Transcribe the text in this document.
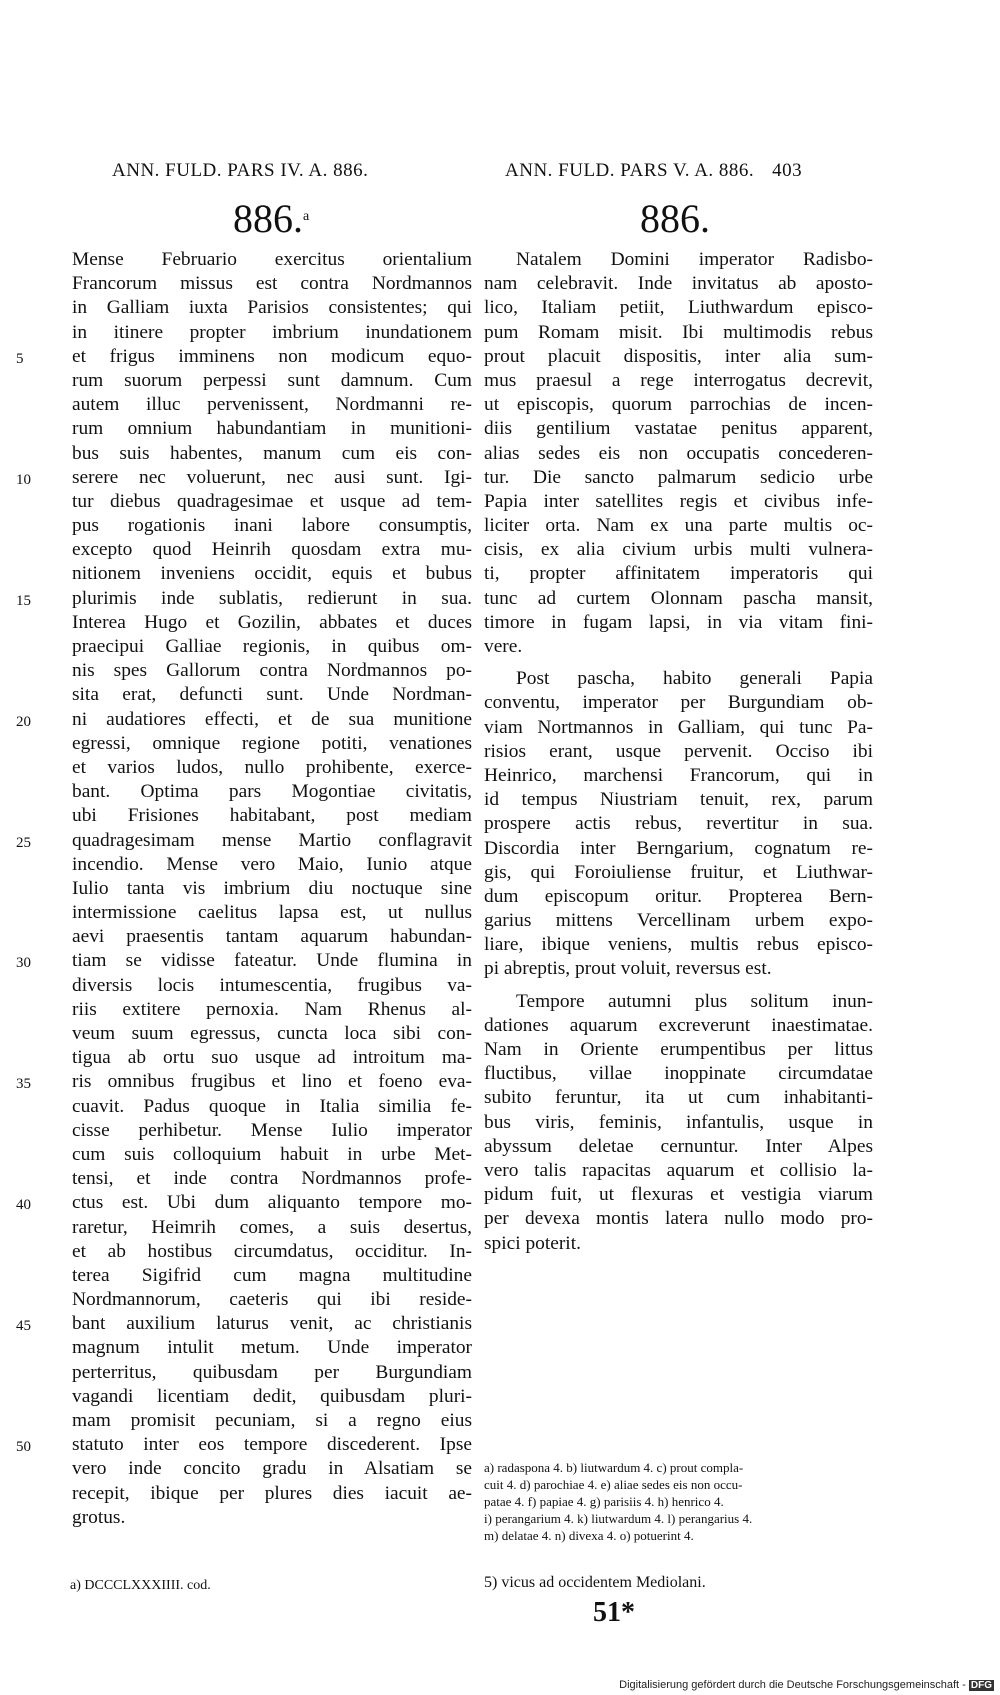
ANN. FULD. PARS IV. A. 886.	ANN. FULD. PARS V. A. 886. 403
886.$^a$	886.
Mense Februario exercitus orientalium
Francorum missus est contra Nordmannos
in Galliam iuxta Parisios consistentes; qui
in itinere propter imbrium inundationem
et frigus imminens non modicum equo-
5
rum suorum perpessi sunt damnum. Cum
autem illuc pervenissent, Nordmanni re-
rum omnium habundantiam in munitioni-
bus suis habentes, manum cum eis con-
serere nec voluerunt, nec ausi sunt. Igi-
10
tur diebus quadragesimae et usque ad tem-
pus rogationis inani labore consumptis,
excepto quod Heinrih quosdam extra mu-
nitionem inveniens occidit, equis et bubus
plurimis inde sublatis, redierunt in sua.
15
Interea Hugo et Gozilin, abbates et duces
praecipui Galliae regionis, in quibus om-
nis spes Gallorum contra Nordmannos po-
sita erat, defuncti sunt. Unde Nordman-
ni audatiores effecti, et de sua munitione
20
egressi, omnique regione potiti, venationes
et varios ludos, nullo prohibente, exerce-
bant. Optima pars Mogontiae civitatis,
ubi Frisiones habitabant, post mediam
quadragesimam mense Martio conflagravit
25
incendio. Mense vero Maio, Iunio atque
Iulio tanta vis imbrium diu noctuque sine
intermissione caelitus lapsa est, ut nullus
aevi praesentis tantam aquarum habundan-
tiam se vidisse fateatur. Unde flumina in
30
diversis locis intumescentia, frugibus va-
riis extitere pernoxia. Nam Rhenus al-
veum suum egressus, cuncta loca sibi con-
tigua ab ortu suo usque ad introitum ma-
ris omnibus frugibus et lino et foeno eva-
35
cuavit. Padus quoque in Italia similia fe-
cisse perhibetur. Mense Iulio imperator
cum suis colloquium habuit in urbe Met-
tensi, et inde contra Nordmannos profe-
ctus est. Ubi dum aliquanto tempore mo-
40
raretur, Heimrih comes, a suis desertus,
et ab hostibus circumdatus, occiditur. In-
terea Sigifrid cum magna multitudine
Nordmannorum, caeteris qui ibi reside-
bant auxilium laturus venit, ac christianis
45
magnum intulit metum. Unde imperator
perterritus, quibusdam per Burgundiam
vagandi licentiam dedit, quibusdam pluri-
mam promisit pecuniam, si a regno eius
statuto inter eos tempore discederent. Ipse
50
vero inde concito gradu in Alsatiam se
recepit, ibique per plures dies iacuit ae-
grotus.
Natalem Domini imperator Radisbo-
nam celebravit. Inde invitatus ab aposto-
lico, Italiam petiit, Liuthwardum episco-
pum Romam misit. Ibi multimodis rebus
prout placuit dispositis, inter alia sum-
mus praesul a rege interrogatus decrevit,
ut episcopis, quorum parrochias de incen-
diis gentilium vastatae penitus apparent,
alias sedes eis non occupatis concederen-
tur. Die sancto palmarum sedicio urbe
Papia inter satellites regis et civibus infe-
liciter orta. Nam ex una parte multis oc-
cisis, ex alia civium urbis multi vulnera-
ti, propter affinitatem imperatoris qui
tunc ad curtem Olonnam pascha mansit,
timore in fugam lapsi, in via vitam fini-
vere.
Post pascha, habito generali Papia
conventu, imperator per Burgundiam ob-
viam Nortmannos in Galliam, qui tunc Pa-
risios erant, usque pervenit. Occiso ibi
Heinrico, marchensi Francorum, qui in
id tempus Niustriam tenuit, rex, parum
prospere actis rebus, revertitur in sua.
Discordia inter Berngarium, cognatum re-
gis, qui Foroiuliense fruitur, et Liuthwar-
dum episcopum oritur. Propterea Bern-
garius mittens Vercellinam urbem expo-
liare, ibique veniens, multis rebus episco-
pi abreptis, prout voluit, reversus est.
Tempore autumni plus solitum inun-
dationes aquarum excreverunt inaestimatae.
Nam in Oriente erumpentibus per littus
fluctibus, villae inoppinate circumdatae
subito feruntur, ita ut cum inhabitanti-
bus viris, feminis, infantulis, usque in
abyssum deletae cernuntur. Inter Alpes
vero talis rapacitas aquarum et collisio la-
pidum fuit, ut flexuras et vestigia viarum
per devexa montis latera nullo modo pro-
spici poterit.
a) radaspona 4. b) liutwardum 4. c) prout compla-
cuit 4. d) parochiae 4. e) aliae sedes eis non occu-
patae 4. f) papiae 4. g) parisiis 4. h) henrico 4.
i) perangarium 4. k) liutwardum 4. l) perangarius 4.
m) delatae 4. n) divexa 4. o) potuerint 4.
a) DCCCLXXXIIII. cod.	5) vicus ad occidentem Mediolani.
51*
Digitalisierung gefördert durch die Deutsche Forschungsgemeinschaft - DFG
